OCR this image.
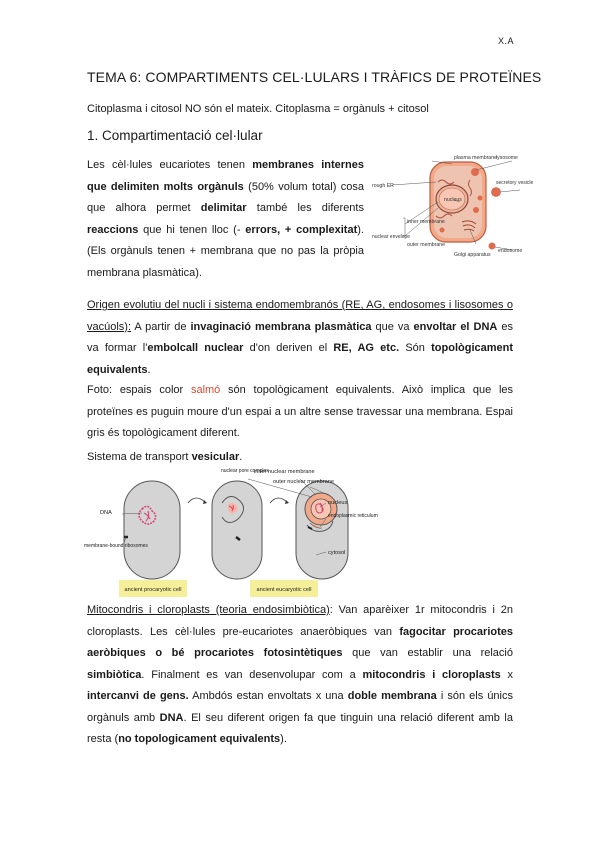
X.A
TEMA 6: COMPARTIMENTS CEL·LULARS I TRÀFICS DE PROTEÏNES
Citoplasma i citosol NO són el mateix. Citoplasma = orgànuls + citosol
1. Compartimentació cel·lular
Les cèl·lules eucariotes tenen membranes internes que delimiten molts orgànuls (50% volum total) cosa que alhora permet delimitar també les diferents reaccions que hi tenen lloc (- errors, + complexitat). (Els orgànuls tenen + membrana que no pas la pròpia membrana plasmàtica).
plasma membrane lysosome
rough ER	secretory vesicle
nucleus
inner membrane
nuclear envelope
outer membrane
Golgi apparatus
endosome
Origen evolutiu del nucli i sistema endomembranós (RE, AG, endosomes i lisosomes o vacúols): A partir de invaginació membrana plasmàtica que va envoltar el DNA es va formar l'embolcall nuclear d'on deriven el RE, AG etc. Són topològicament equivalents.
Foto: espais color salmó són topològicament equivalents. Això implica que les proteïnes es puguin moure d'un espai a un altre sense travessar una membrana. Espai gris és topològicament diferent.
Sistema de transport vesicular.
nuclear pore complex
inner nuclear membrane
outer nuclear membrane
DNA
nucleus
endoplasmic reticulum
membrane-bound ribosomes
cytosol
ancient procaryotic cell	ancient eucaryotic cell
Mitocondris i cloroplasts (teoria endosimbiòtica): Van aparèixer 1r mitocondris i 2n cloroplasts. Les cèl·lules pre-eucariotes anaeròbiques van fagocitar procariotes aeròbiques o bé procariotes fotosintètiques que van establir una relació simbiòtica. Finalment es van desenvolupar com a mitocondris i cloroplasts x intercanvi de gens. Ambdós estan envoltats x una doble membrana i són els únics orgànuls amb DNA. El seu diferent origen fa que tinguin una relació diferent amb la resta (no topologicament equivalents).
